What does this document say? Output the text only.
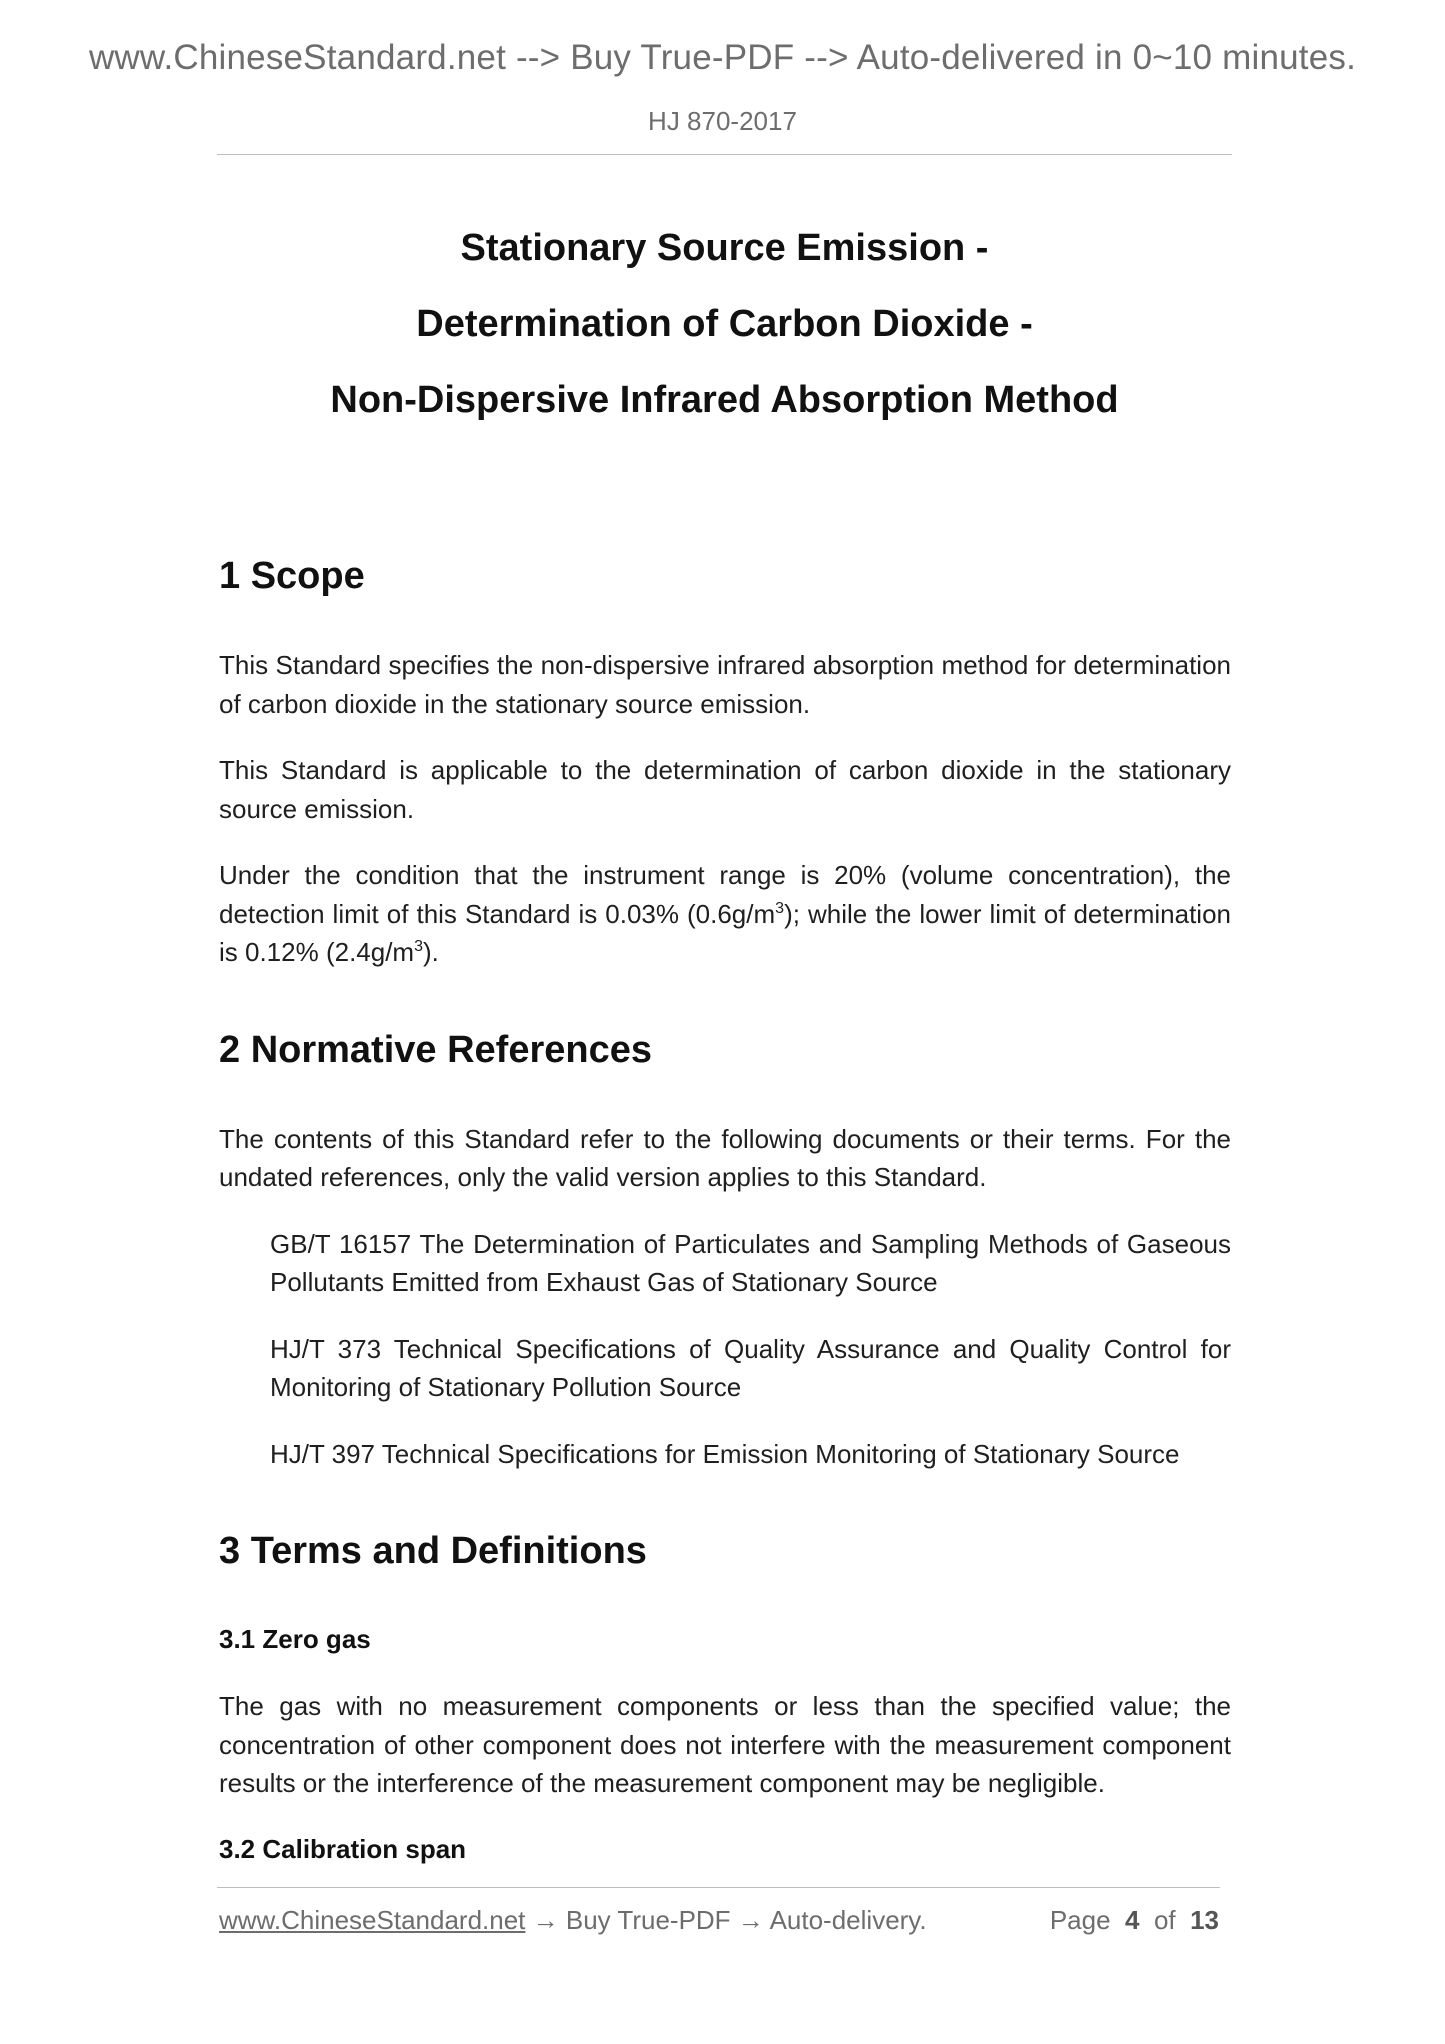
www.ChineseStandard.net --> Buy True-PDF --> Auto-delivered in 0~10 minutes.
HJ 870-2017
Stationary Source Emission -
Determination of Carbon Dioxide -
Non-Dispersive Infrared Absorption Method
1 Scope

This Standard specifies the non-dispersive infrared absorption method for determination of carbon dioxide in the stationary source emission.

This Standard is applicable to the determination of carbon dioxide in the stationary source emission.

Under the condition that the instrument range is 20% (volume concentration), the detection limit of this Standard is 0.03% $(0.6g/m^3)$; while the lower limit of determination is 0.12% $(2.4g/m^3)$.

2 Normative References

The contents of this Standard refer to the following documents or their terms. For the undated references, only the valid version applies to this Standard.

GB/T 16157 The Determination of Particulates and Sampling Methods of Gaseous Pollutants Emitted from Exhaust Gas of Stationary Source

HJ/T 373 Technical Specifications of Quality Assurance and Quality Control for Monitoring of Stationary Pollution Source

HJ/T 397 Technical Specifications for Emission Monitoring of Stationary Source

3 Terms and Definitions
3.1 Zero gas

The gas with no measurement components or less than the specified value; the concentration of other component does not interfere with the measurement component results or the interference of the measurement component may be negligible.

3.2 Calibration span
www.ChineseStandard.net → Buy True-PDF → Auto-delivery.	Page 4 of 13
